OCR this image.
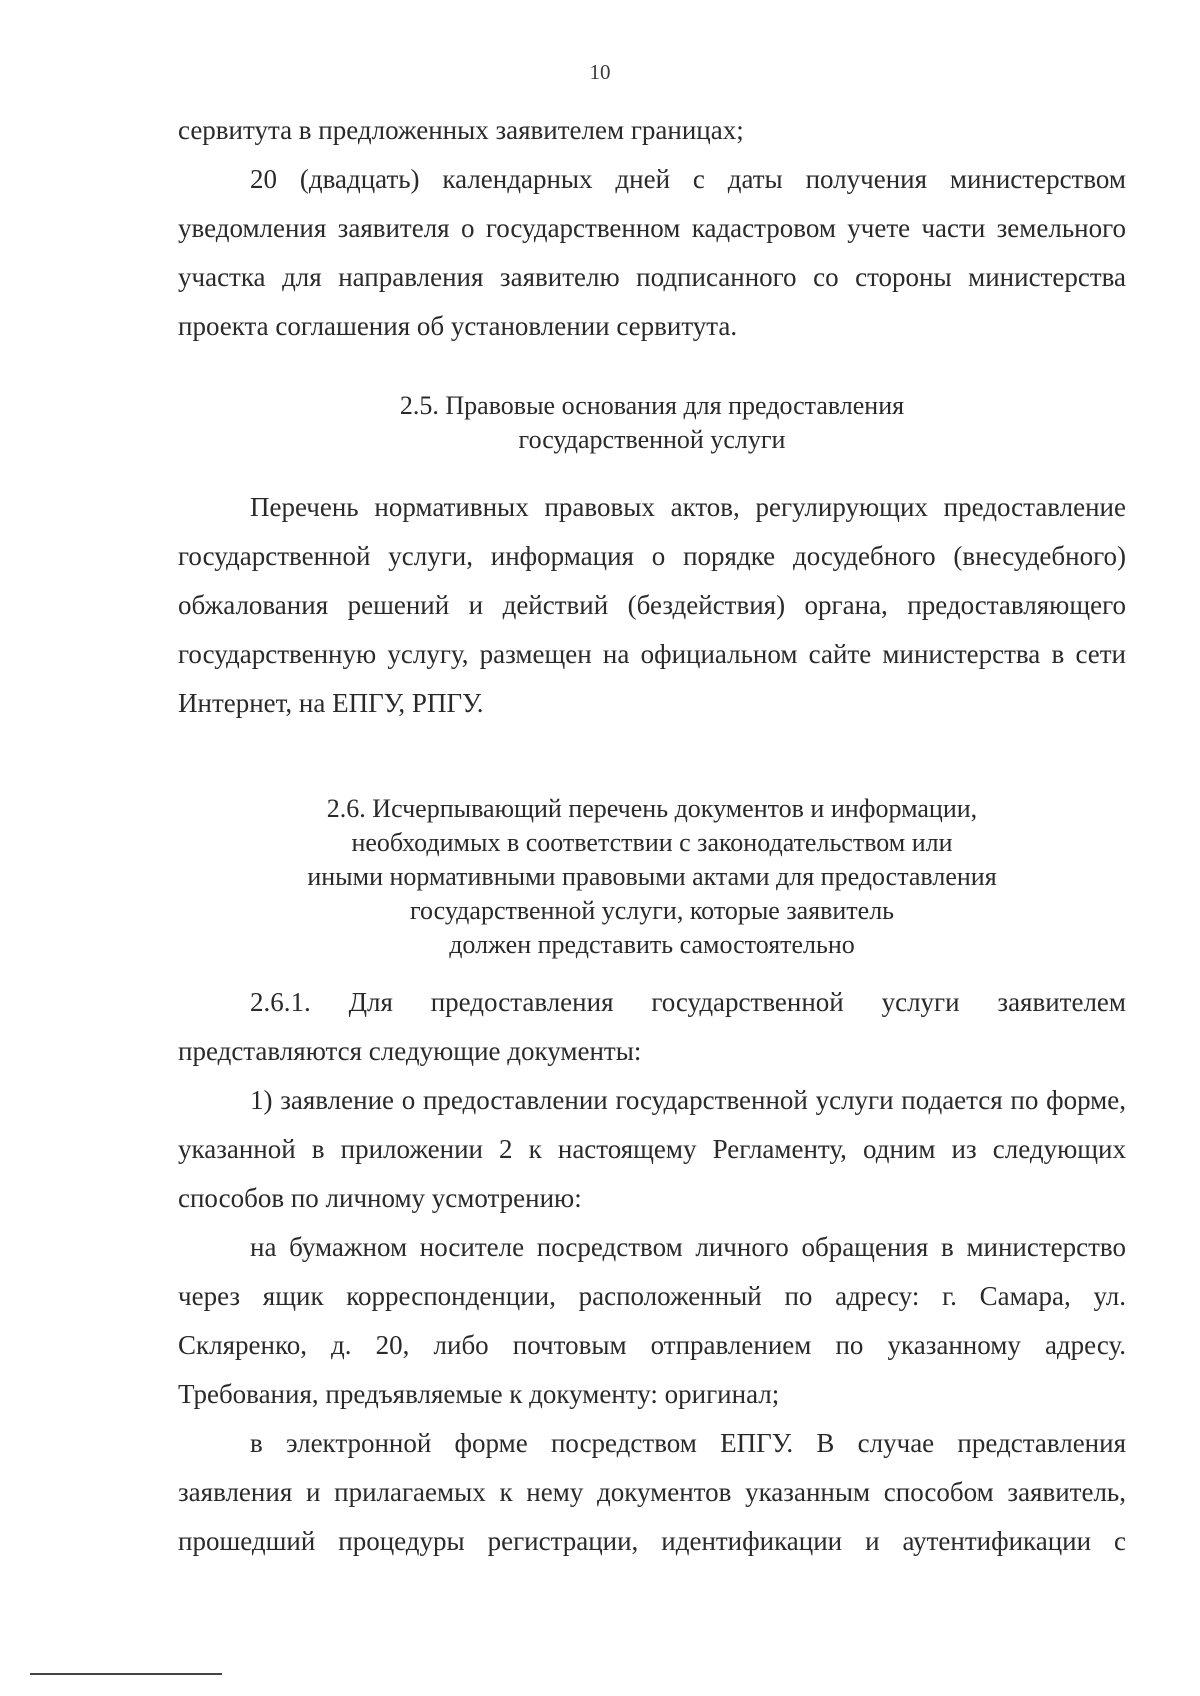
10

сервитута в предложенных заявителем границах;

20 (двадцать) календарных дней с даты получения министерством уведомления заявителя о государственном кадастровом учете части земельного участка для направления заявителю подписанного со стороны министерства проекта соглашения об установлении сервитута.

2.5. Правовые основания для предоставления
государственной услуги

Перечень нормативных правовых актов, регулирующих предоставление государственной услуги, информация о порядке досудебного (внесудебного) обжалования решений и действий (бездействия) органа, предоставляющего государственную услугу, размещен на официальном сайте министерства в сети Интернет, на ЕПГУ, РПГУ.

2.6. Исчерпывающий перечень документов и информации,
необходимых в соответствии с законодательством или
иными нормативными правовыми актами для предоставления
государственной услуги, которые заявитель
должен представить самостоятельно

2.6.1. Для предоставления государственной услуги заявителем представляются следующие документы:

1) заявление о предоставлении государственной услуги подается по форме, указанной в приложении 2 к настоящему Регламенту, одним из следующих способов по личному усмотрению:

на бумажном носителе посредством личного обращения в министерство через ящик корреспонденции, расположенный по адресу: г. Самара, ул. Скляренко, д. 20, либо почтовым отправлением по указанному адресу. Требования, предъявляемые к документу: оригинал;

в электронной форме посредством ЕПГУ. В случае представления заявления и прилагаемых к нему документов указанным способом заявитель, прошедший процедуры регистрации, идентификации и аутентификации с
